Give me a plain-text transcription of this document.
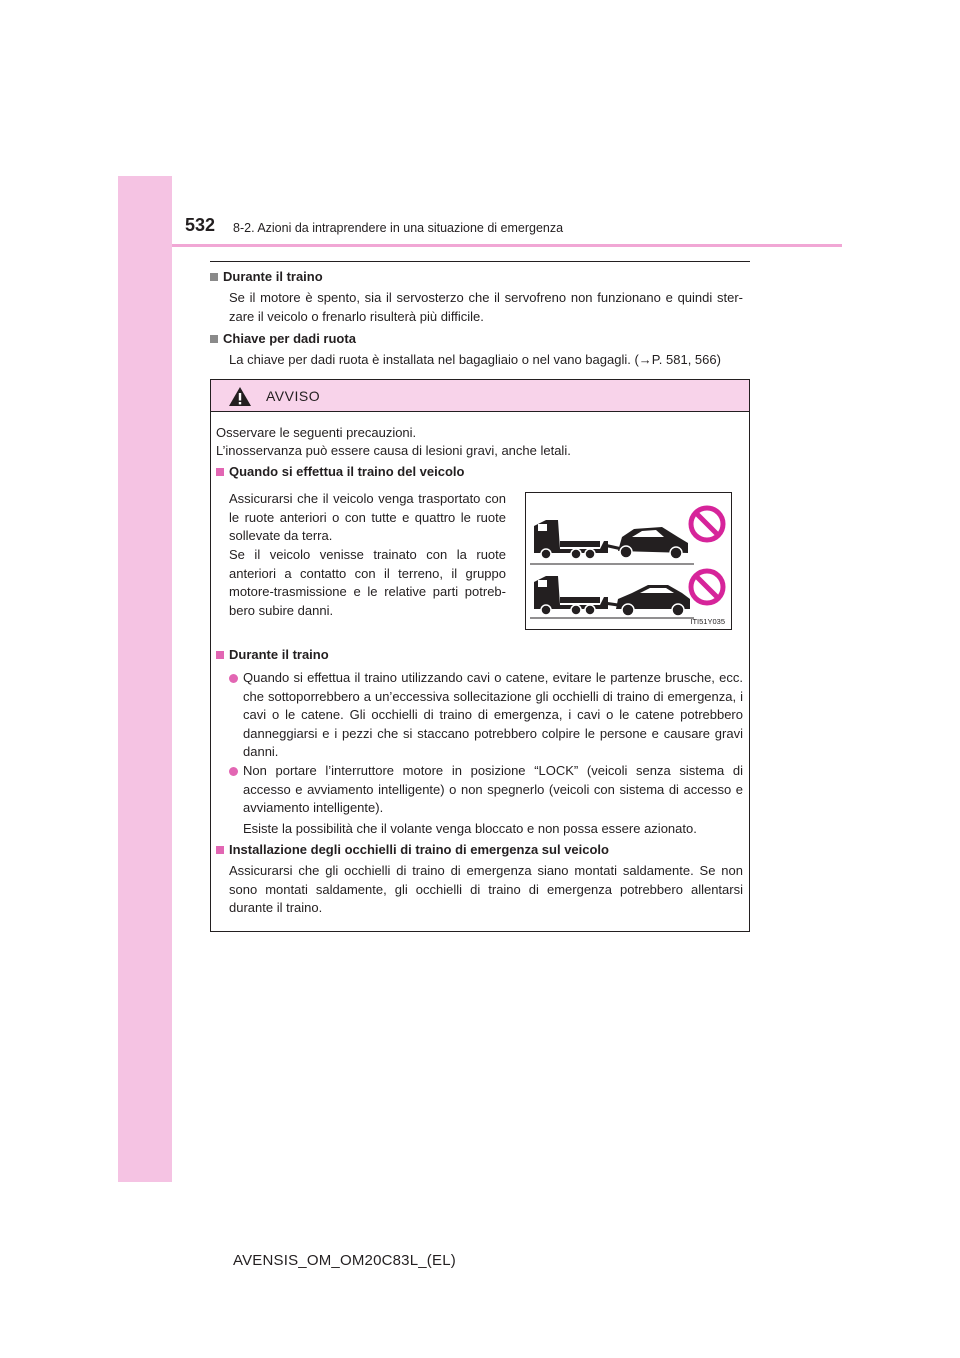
532 8-2. Azioni da intraprendere in una situazione di emergenza
Durante il traino
Se il motore è spento, sia il servosterzo che il servofreno non funzionano e quindi ster-zare il veicolo o frenarlo risulterà più difficile.
Chiave per dadi ruota
La chiave per dadi ruota è installata nel bagagliaio o nel vano bagagli. (→P. 581, 566)
AVVISO
Osservare le seguenti precauzioni.
L’inosservanza può essere causa di lesioni gravi, anche letali.
Quando si effettua il traino del veicolo
Assicurarsi che il veicolo venga trasportato con le ruote anteriori o con tutte e quattro le ruote sollevate da terra.
Se il veicolo venisse trainato con la ruote anteriori a contatto con il terreno, il gruppo motore-trasmissione e le relative parti potreb-bero subire danni.
ITI51Y035
Durante il traino
Quando si effettua il traino utilizzando cavi o catene, evitare le partenze brusche, ecc. che sottoporrebbero a un’eccessiva sollecitazione gli occhielli di traino di emergenza, i cavi o le catene. Gli occhielli di traino di emergenza, i cavi o le catene potrebbero danneggiarsi e i pezzi che si staccano potrebbero colpire le persone e causare gravi danni.
Non portare l’interruttore motore in posizione “LOCK” (veicoli senza sistema di accesso e avviamento intelligente) o non spegnerlo (veicoli con sistema di accesso e avviamento intelligente).
Esiste la possibilità che il volante venga bloccato e non possa essere azionato.
Installazione degli occhielli di traino di emergenza sul veicolo
Assicurarsi che gli occhielli di traino di emergenza siano montati saldamente. Se non sono montati saldamente, gli occhielli di traino di emergenza potrebbero allentarsi durante il traino.
AVENSIS_OM_OM20C83L_(EL)
